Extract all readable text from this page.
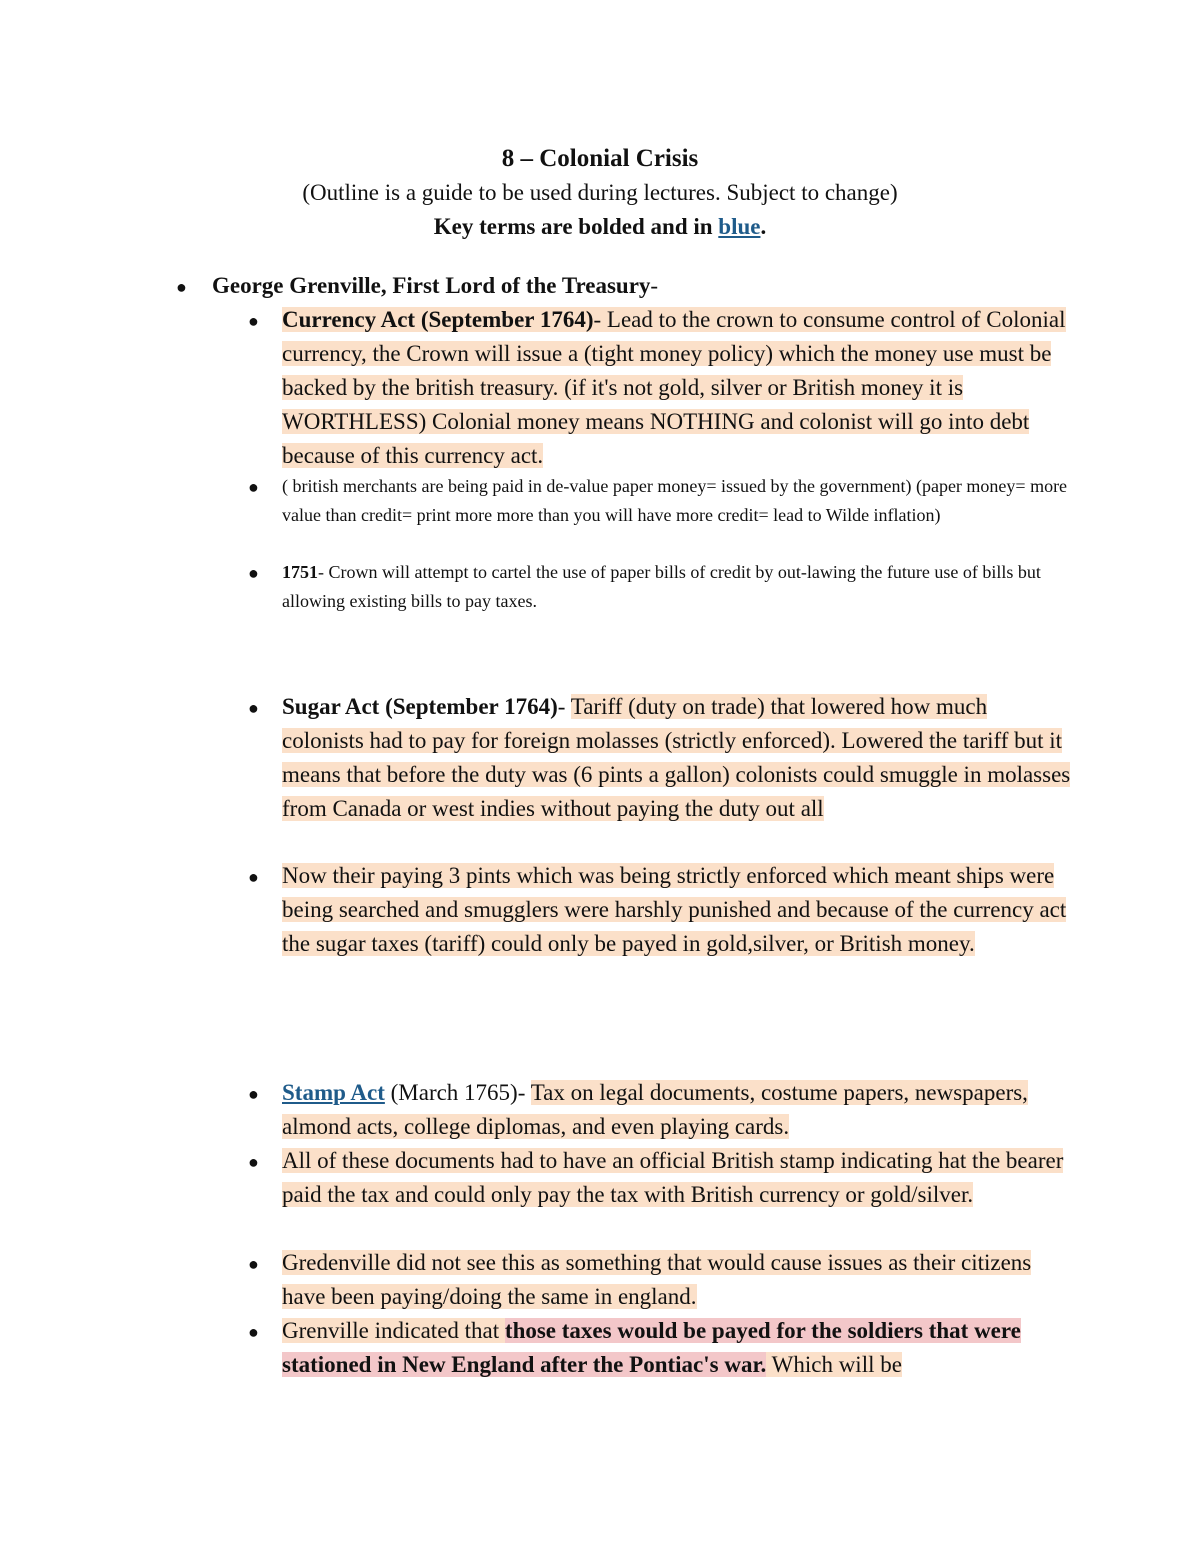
8 – Colonial Crisis
(Outline is a guide to be used during lectures. Subject to change)
Key terms are bolded and in blue.
● George Grenville, First Lord of the Treasury-
● Currency Act (September 1764)- Lead to the crown to consume control of Colonial currency, the Crown will issue a (tight money policy) which the money use must be backed by the british treasury. (if it's not gold, silver or British money it is WORTHLESS) Colonial money means NOTHING and colonist will go into debt because of this currency act.
● ( british merchants are being paid in de-value paper money= issued by the government) (paper money= more value than credit= print more more than you will have more credit= lead to Wilde inflation)
● 1751- Crown will attempt to cartel the use of paper bills of credit by out-lawing the future use of bills but allowing existing bills to pay taxes.
● Sugar Act (September 1764)- Tariff (duty on trade) that lowered how much colonists had to pay for foreign molasses (strictly enforced). Lowered the tariff but it means that before the duty was (6 pints a gallon) colonists could smuggle in molasses from Canada or west indies without paying the duty out all
● Now their paying 3 pints which was being strictly enforced which meant ships were being searched and smugglers were harshly punished and because of the currency act the sugar taxes (tariff) could only be payed in gold,silver, or British money.
● Stamp Act (March 1765)- Tax on legal documents, costume papers, newspapers, almond acts, college diplomas, and even playing cards.
● All of these documents had to have an official British stamp indicating hat the bearer paid the tax and could only pay the tax with British currency or gold/silver.
● Gredenville did not see this as something that would cause issues as their citizens have been paying/doing the same in england.
● Grenville indicated that those taxes would be payed for the soldiers that were stationed in New England after the Pontiac's war. Which will be
